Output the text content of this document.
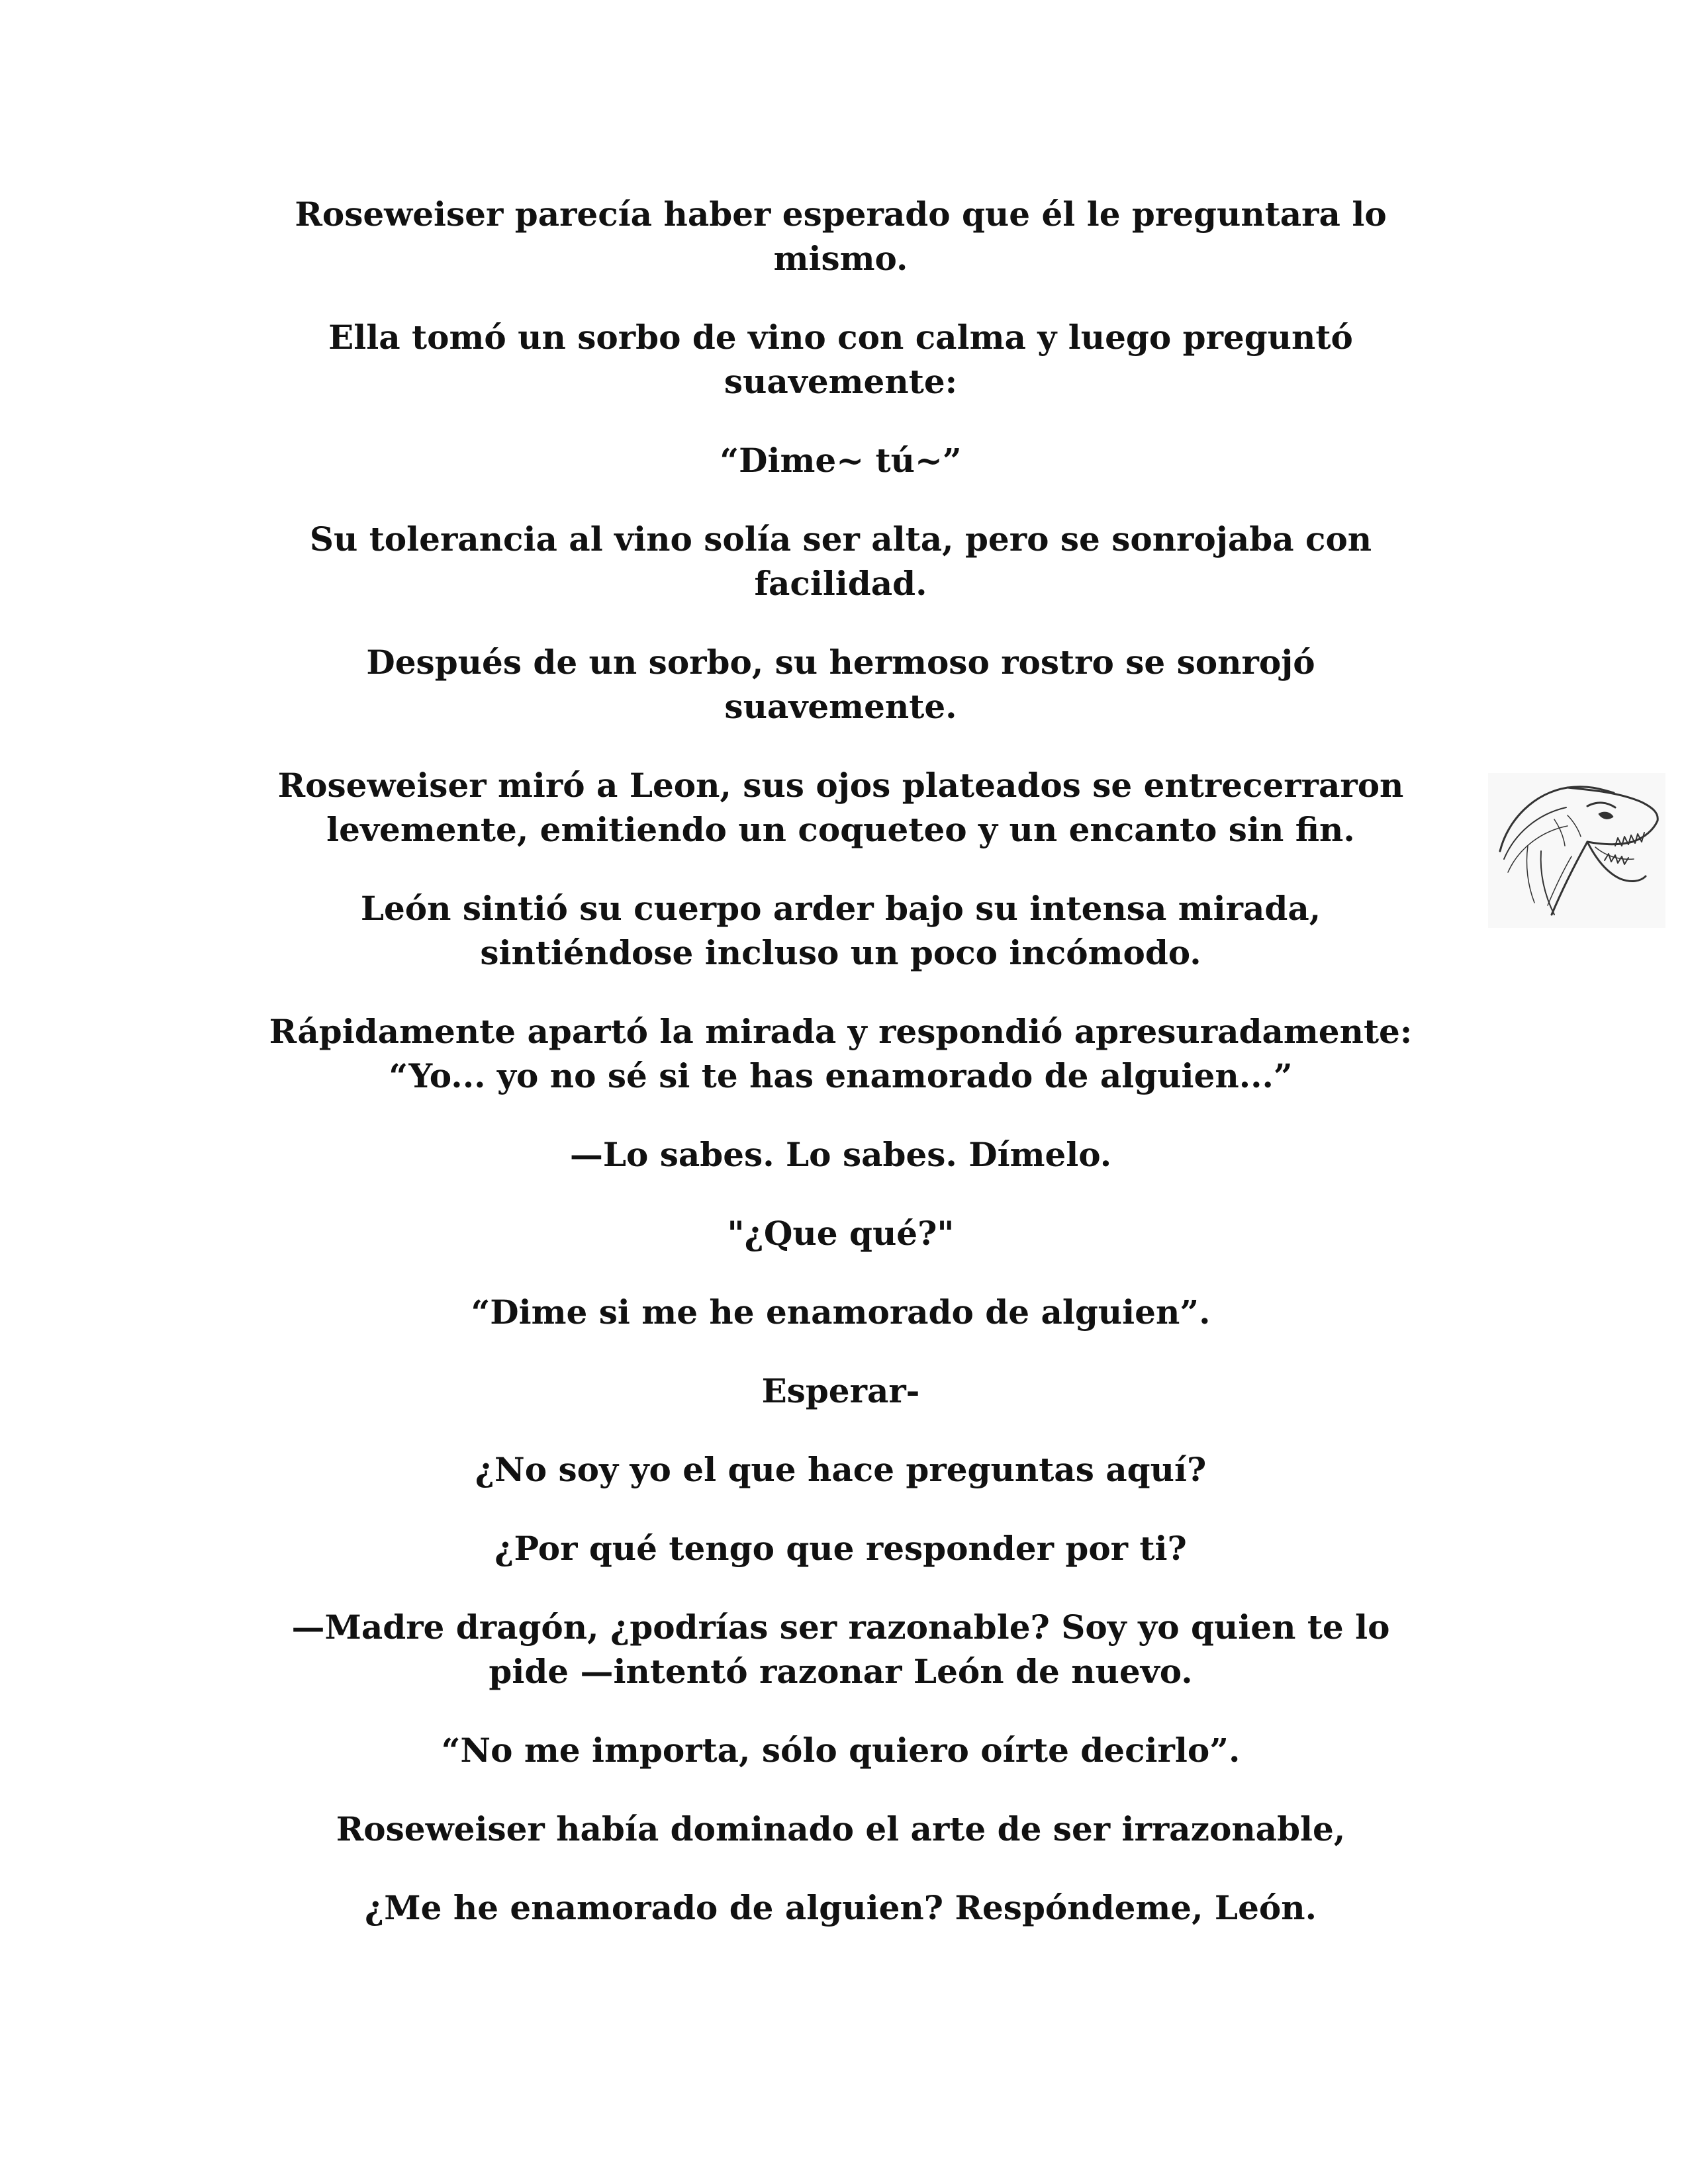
Roseweiser parecía haber esperado que él le preguntara lo
mismo.

Ella tomó un sorbo de vino con calma y luego preguntó
suavemente:

“Dime~ tú~”

Su tolerancia al vino solía ser alta, pero se sonrojaba con
facilidad.

Después de un sorbo, su hermoso rostro se sonrojó
suavemente.

Roseweiser miró a Leon, sus ojos plateados se entrecerraron
levemente, emitiendo un coqueteo y un encanto sin fin.

León sintió su cuerpo arder bajo su intensa mirada,
sintiéndose incluso un poco incómodo.

Rápidamente apartó la mirada y respondió apresuradamente:
“Yo... yo no sé si te has enamorado de alguien...”

—Lo sabes. Lo sabes. Dímelo.

"¿Que qué?"

“Dime si me he enamorado de alguien”.

Esperar-

¿No soy yo el que hace preguntas aquí?

¿Por qué tengo que responder por ti?

—Madre dragón, ¿podrías ser razonable? Soy yo quien te lo
pide —intentó razonar León de nuevo.

“No me importa, sólo quiero oírte decirlo”.

Roseweiser había dominado el arte de ser irrazonable,

¿Me he enamorado de alguien? Respóndeme, León.
